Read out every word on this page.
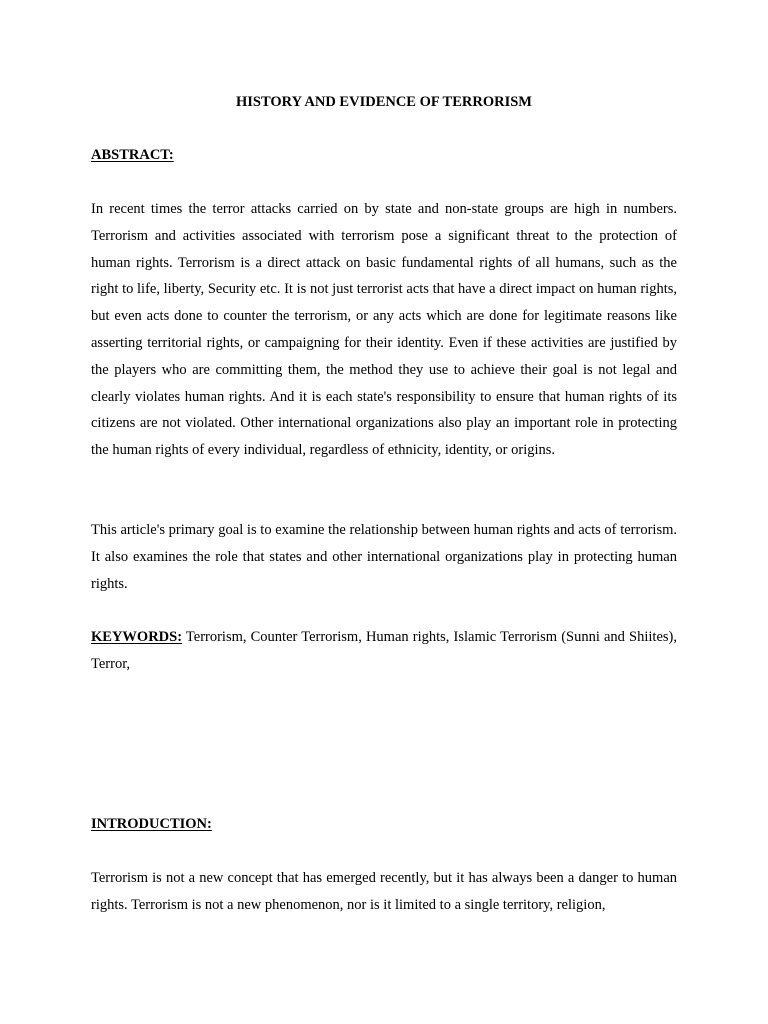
HISTORY AND EVIDENCE OF TERRORISM
ABSTRACT:

In recent times the terror attacks carried on by state and non-state groups are high in numbers. Terrorism and activities associated with terrorism pose a significant threat to the protection of human rights. Terrorism is a direct attack on basic fundamental rights of all humans, such as the right to life, liberty, Security etc. It is not just terrorist acts that have a direct impact on human rights, but even acts done to counter the terrorism, or any acts which are done for legitimate reasons like asserting territorial rights, or campaigning for their identity. Even if these activities are justified by the players who are committing them, the method they use to achieve their goal is not legal and clearly violates human rights. And it is each state's responsibility to ensure that human rights of its citizens are not violated. Other international organizations also play an important role in protecting the human rights of every individual, regardless of ethnicity, identity, or origins.

This article's primary goal is to examine the relationship between human rights and acts of terrorism. It also examines the role that states and other international organizations play in protecting human rights.

KEYWORDS: Terrorism, Counter Terrorism, Human rights, Islamic Terrorism (Sunni and Shiites), Terror,

INTRODUCTION:

Terrorism is not a new concept that has emerged recently, but it has always been a danger to human rights. Terrorism is not a new phenomenon, nor is it limited to a single territory, religion,
